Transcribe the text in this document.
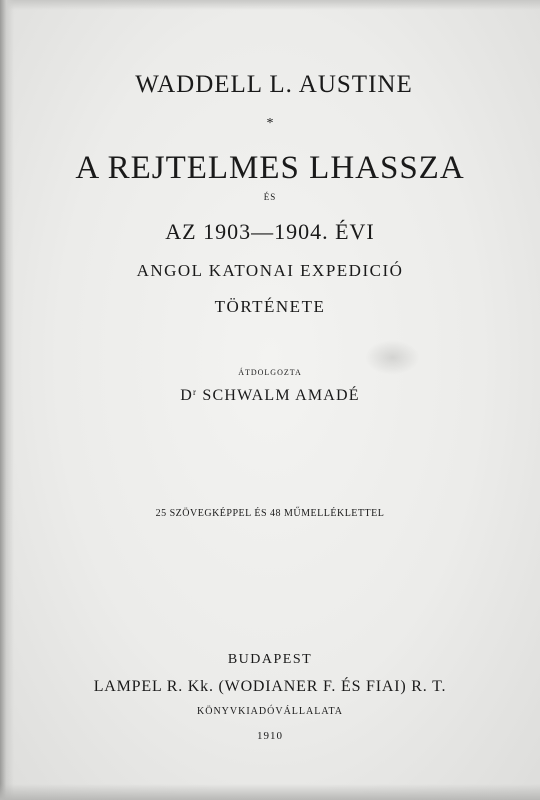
WADDELL L. AUSTINE
*
A REJTELMES LHASSZA
ÉS
AZ 1903—1904. ÉVI
ANGOL KATONAI EXPEDICIÓ
TÖRTÉNETE
ÁTDOLGOZTA
$D^r$ SCHWALM AMADÉ
25 SZÖVEGKÉPPEL ÉS 48 MŰMELLÉKLETTEL
BUDAPEST
LAMPEL R. Kk. (WODIANER F. ÉS FIAI) R. T.
KÖNYVKIADÓVÁLLALATA
1910
